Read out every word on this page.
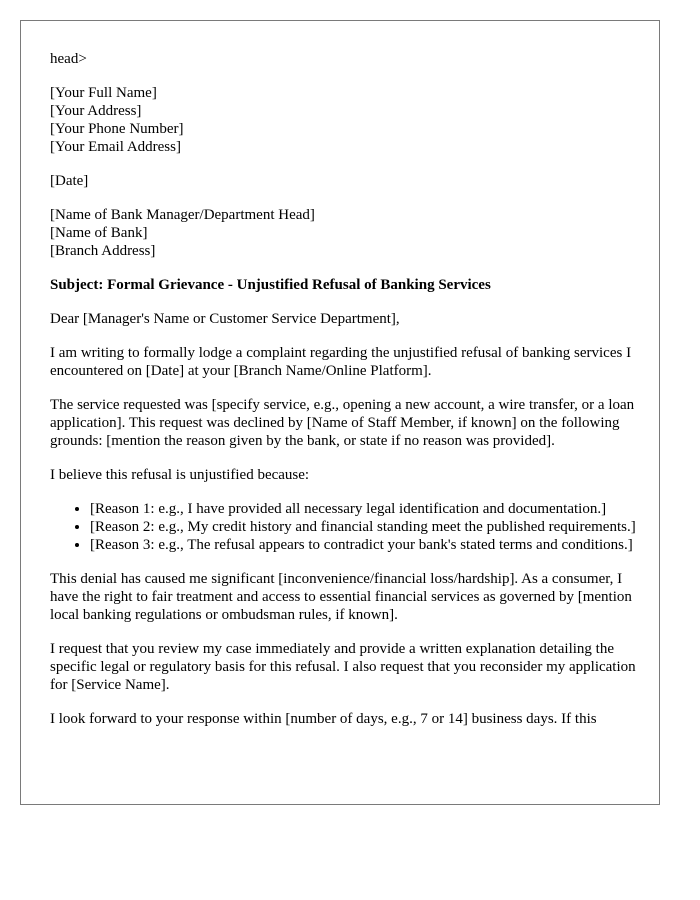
head>

[Your Full Name]

[Your Address]

[Your Phone Number]

[Your Email Address]

[Date]

[Name of Bank Manager/Department Head]

[Name of Bank]

[Branch Address]

Subject: Formal Grievance - Unjustified Refusal of Banking Services

Dear [Manager's Name or Customer Service Department],

I am writing to formally lodge a complaint regarding the unjustified refusal of banking services I encountered on [Date] at your [Branch Name/Online Platform].

The service requested was [specify service, e.g., opening a new account, a wire transfer, or a loan application]. This request was declined by [Name of Staff Member, if known] on the following grounds: [mention the reason given by the bank, or state if no reason was provided].

I believe this refusal is unjustified because:

• [Reason 1: e.g., I have provided all necessary legal identification and documentation.]
• [Reason 2: e.g., My credit history and financial standing meet the published requirements.]
• [Reason 3: e.g., The refusal appears to contradict your bank's stated terms and conditions.]

This denial has caused me significant [inconvenience/financial loss/hardship]. As a consumer, I have the right to fair treatment and access to essential financial services as governed by [mention local banking regulations or ombudsman rules, if known].

I request that you review my case immediately and provide a written explanation detailing the specific legal or regulatory basis for this refusal. I also request that you reconsider my application for [Service Name].

I look forward to your response within [number of days, e.g., 7 or 14] business days. If this
